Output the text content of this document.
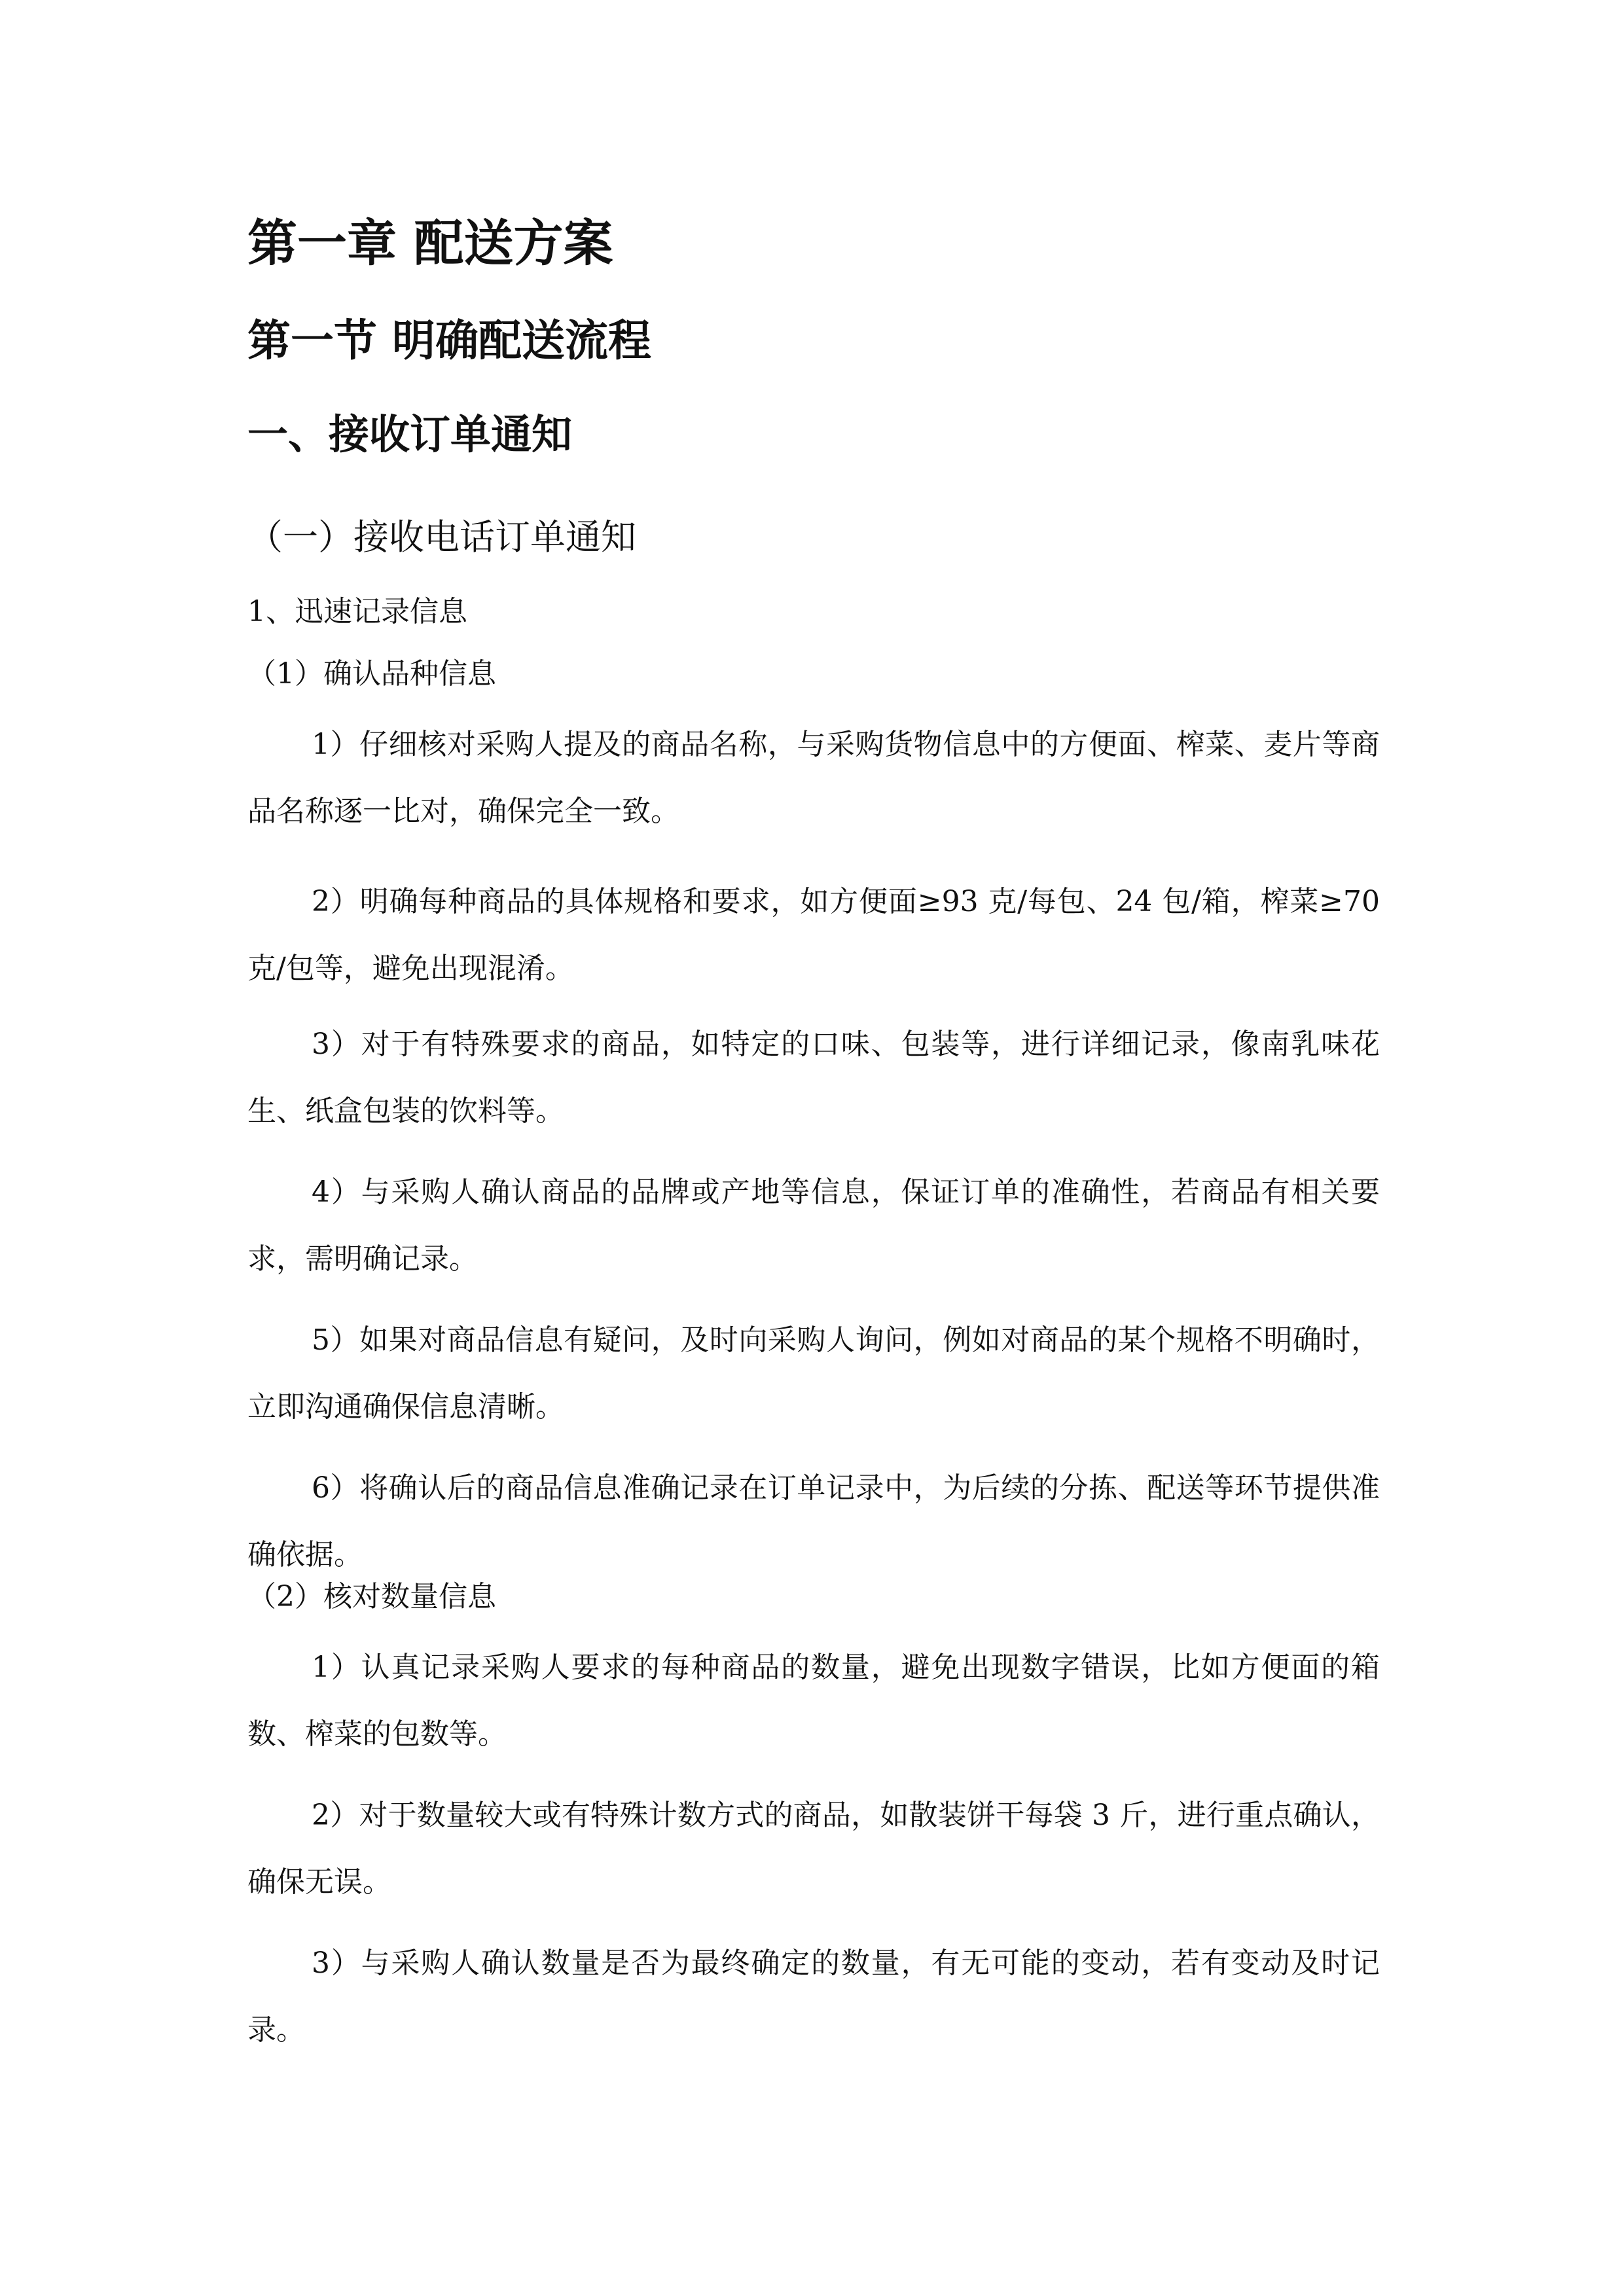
第一章 配送方案
第一节 明确配送流程
一、接收订单通知
（一）接收电话订单通知

1、迅速记录信息

（1）确认品种信息

1）仔细核对采购人提及的商品名称，与采购货物信息中的方便面、榨菜、麦片等商品名称逐一比对，确保完全一致。

2）明确每种商品的具体规格和要求，如方便面≥93 克/每包、24 包/箱，榨菜≥70 克/包等，避免出现混淆。

3）对于有特殊要求的商品，如特定的口味、包装等，进行详细记录，像南乳味花生、纸盒包装的饮料等。

4）与采购人确认商品的品牌或产地等信息，保证订单的准确性，若商品有相关要求，需明确记录。

5）如果对商品信息有疑问，及时向采购人询问，例如对商品的某个规格不明确时，立即沟通确保信息清晰。

6）将确认后的商品信息准确记录在订单记录中，为后续的分拣、配送等环节提供准确依据。

（2）核对数量信息

1）认真记录采购人要求的每种商品的数量，避免出现数字错误，比如方便面的箱数、榨菜的包数等。

2）对于数量较大或有特殊计数方式的商品，如散装饼干每袋 3 斤，进行重点确认，确保无误。

3）与采购人确认数量是否为最终确定的数量，有无可能的变动，若有变动及时记录。
